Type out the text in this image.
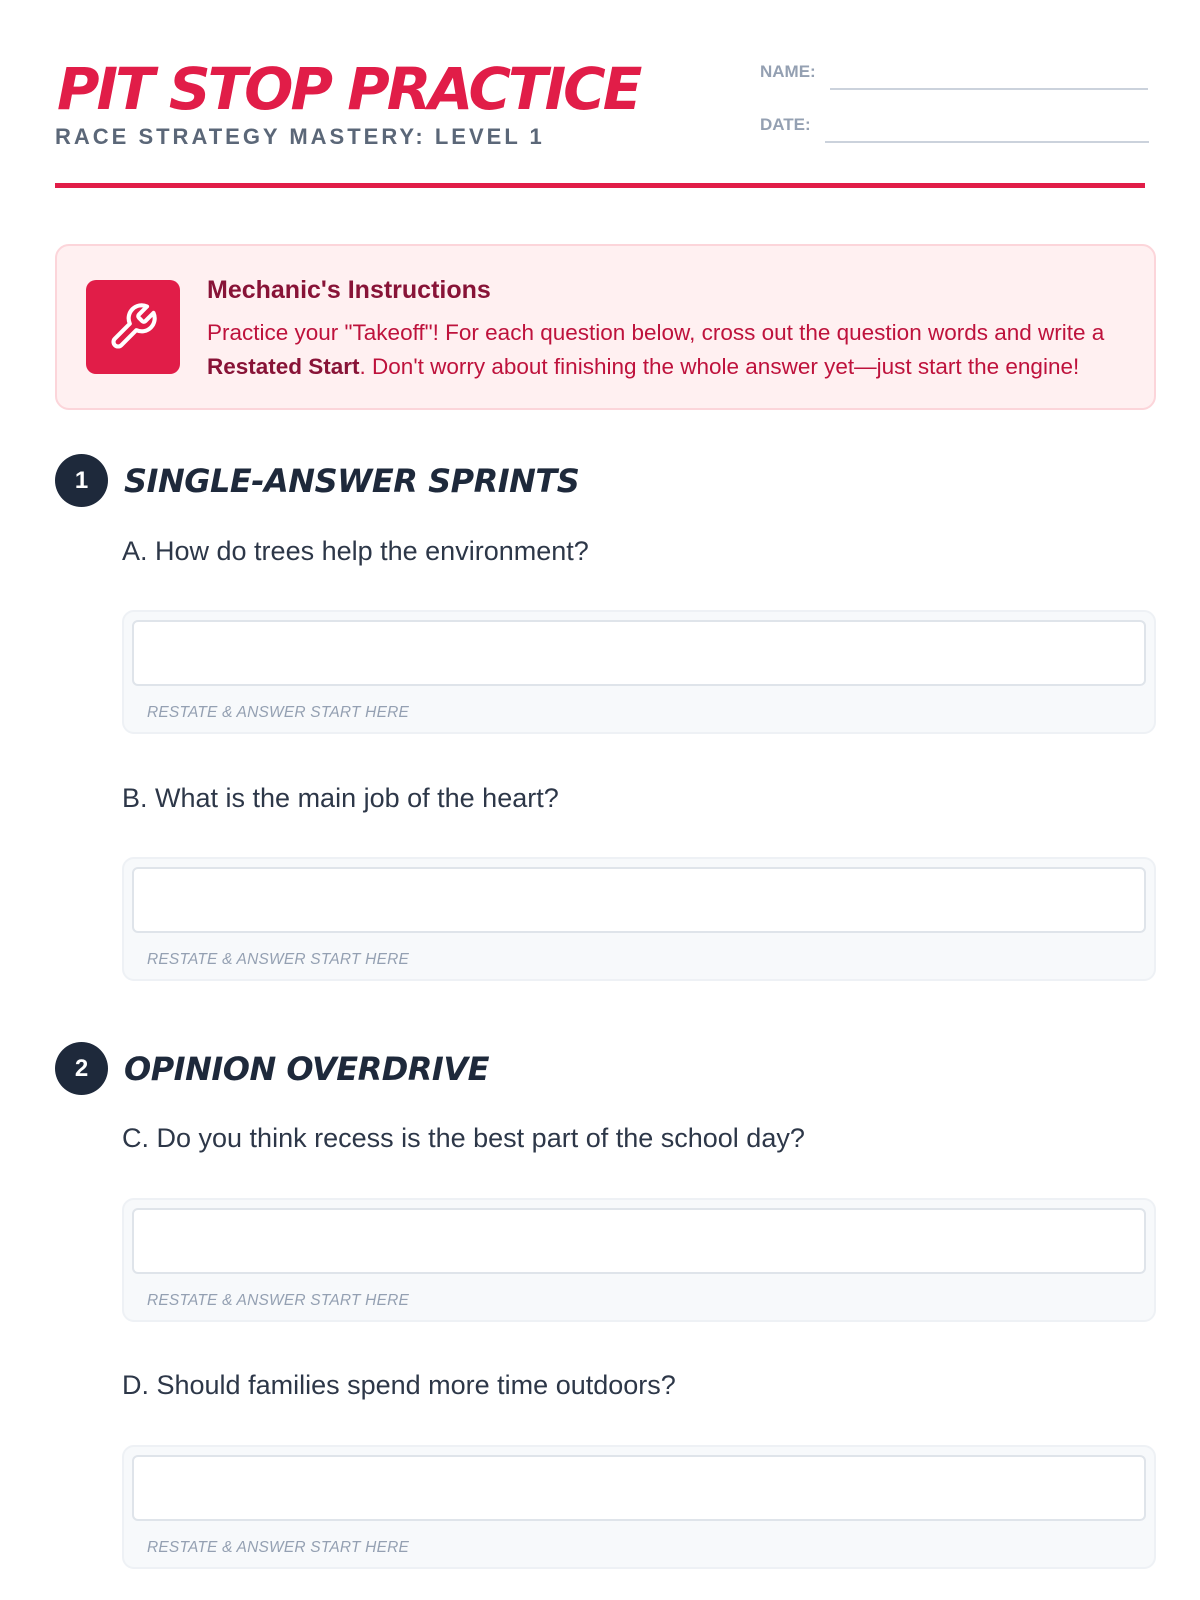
PIT STOP PRACTICE
RACE STRATEGY MASTERY: LEVEL 1
NAME:
DATE:
Mechanic's Instructions
Practice your "Takeoff"! For each question below, cross out the question words and write a Restated Start. Don't worry about finishing the whole answer yet—just start the engine!
1	SINGLE-ANSWER SPRINTS
A. How do trees help the environment?
RESTATE & ANSWER START HERE
B. What is the main job of the heart?
RESTATE & ANSWER START HERE
2	OPINION OVERDRIVE
C. Do you think recess is the best part of the school day?
RESTATE & ANSWER START HERE
D. Should families spend more time outdoors?
RESTATE & ANSWER START HERE
